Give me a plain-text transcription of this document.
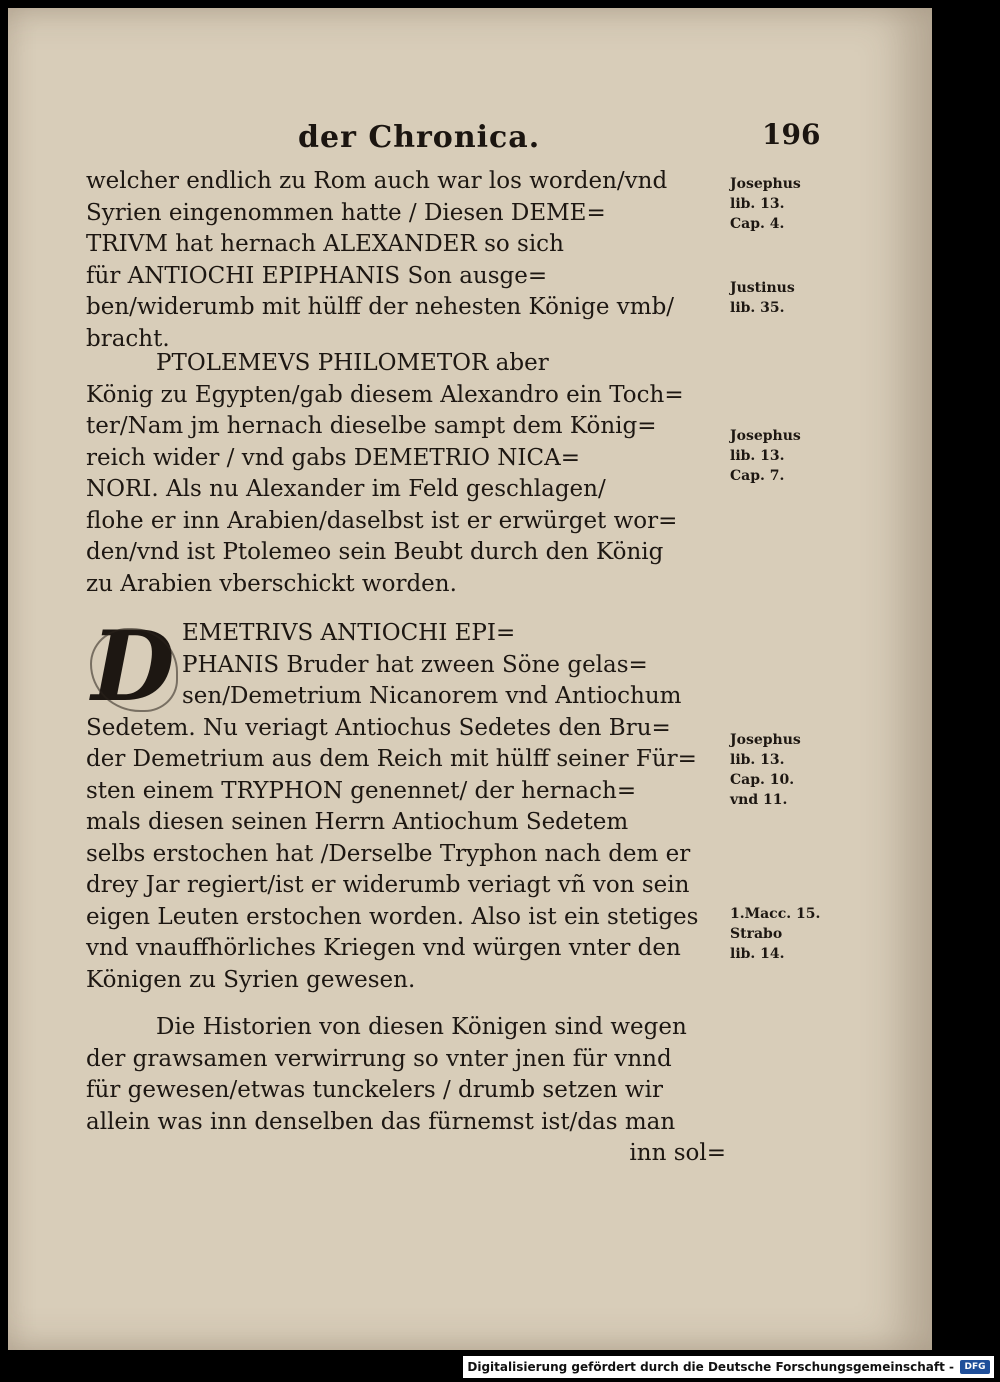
der Chronica.	196
welcher endlich zu Rom auch war los worden/vnd
Syrien eingenommen hatte / Diesen DEME=
TRIVM hat hernach ALEXANDER so sich
für ANTIOCHI EPIPHANIS Son ausge=
ben/widerumb mit hülff der nehesten Könige vmb/
bracht.
PTOLEMEVS PHILOMETOR aber
König zu Egypten/gab diesem Alexandro ein Toch=
ter/Nam jm hernach dieselbe sampt dem König=
reich wider / vnd gabs DEMETRIO NICA=
NORI. Als nu Alexander im Feld geschlagen/
flohe er inn Arabien/daselbst ist er erwürget wor=
den/vnd ist Ptolemeo sein Beubt durch den König
zu Arabien vberschickt worden.
D EMETRIVS ANTIOCHI EPI=
PHANIS Bruder hat zween Söne gelas=
sen/Demetrium Nicanorem vnd Antiochum
Sedetem. Nu veriagt Antiochus Sedetes den Bru=
der Demetrium aus dem Reich mit hülff seiner Für=
sten einem TRYPHON genennet/ der hernach=
mals diesen seinen Herrn Antiochum Sedetem
selbs erstochen hat /Derselbe Tryphon nach dem er
drey Jar regiert/ist er widerumb veriagt vñ von sein
eigen Leuten erstochen worden. Also ist ein stetiges
vnd vnauffhörliches Kriegen vnd würgen vnter den
Königen zu Syrien gewesen.
Die Historien von diesen Königen sind wegen
der grawsamen verwirrung so vnter jnen für vnnd
für gewesen/etwas tunckelers / drumb setzen wir
allein was inn denselben das fürnemst ist/das man
inn sol=
Josephus
lib. 13.
Cap. 4.
Justinus
lib. 35.
Josephus
lib. 13.
Cap. 7.
Josephus
lib. 13.
Cap. 10.
vnd 11.
1.Macc. 15.
Strabo
lib. 14.
Digitalisierung gefördert durch die Deutsche Forschungsgemeinschaft -	DFG
